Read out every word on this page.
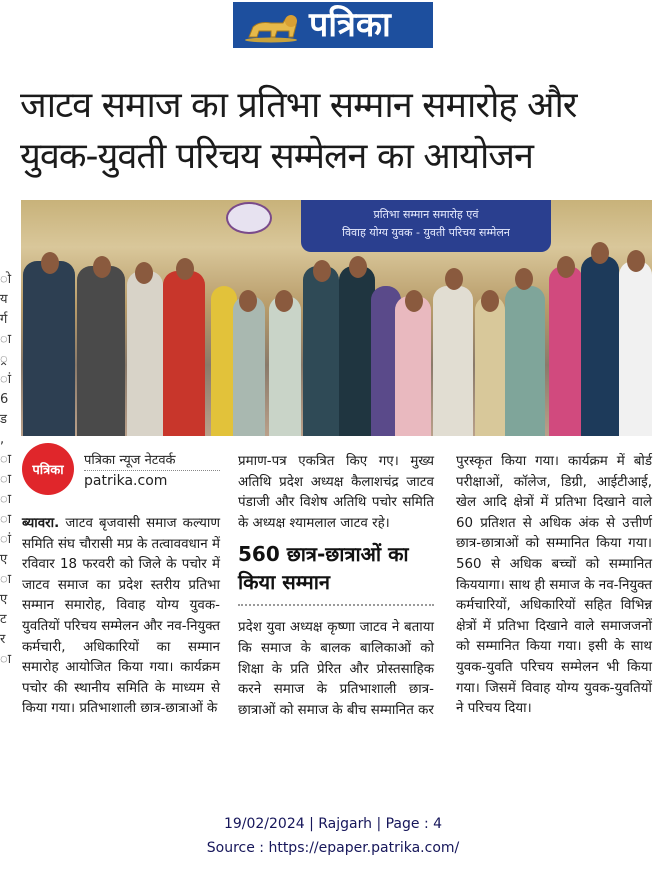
पत्रिका
जाटव समाज का प्रतिभा सम्मान समारोह और
युवक-युवती परिचय सम्मेलन का आयोजन
प्रतिभा सम्मान समारोह एवं
विवाह योग्य युवक - युवती परिचय सम्मेलन
ो य र्ग ा ्र ां 6 ड , ा ा ा ा ां ए ा ए ट र ा
पत्रिका
पत्रिका न्यूज नेटवर्क
patrika.com

ब्यावरा. जाटव बृजवासी समाज कल्याण समिति संघ चौरासी मप्र के तत्वाववधान में रविवार 18 फरवरी को जिले के पचोर में जाटव समाज का प्रदेश स्तरीय प्रतिभा सम्मान समारोह, विवाह योग्य युवक-युवतियों परिचय सम्मेलन और नव-नियुक्त कर्मचारी, अधिकारियों का सम्मान समारोह आयोजित किया गया। कार्यक्रम पचोर की स्थानीय समिति के माध्यम से किया गया। प्रतिभाशाली छात्र-छात्राओं के

प्रमाण-पत्र एकत्रित किए गए। मुख्य अतिथि प्रदेश अध्यक्ष कैलाशचंद्र जाटव पंडाजी और विशेष अतिथि पचोर समिति के अध्यक्ष श्यामलाल जाटव रहे।

560 छात्र-छात्राओं का किया सम्मान

प्रदेश युवा अध्यक्ष कृष्णा जाटव ने बताया कि समाज के बालक बालिकाओं को शिक्षा के प्रति प्रेरित और प्रोस्तसाहिक करने समाज के प्रतिभाशाली छात्र-छात्राओं को समाज के बीच सम्मानित कर

पुरस्कृत किया गया। कार्यक्रम में बोर्ड परीक्षाओं, कॉलेज, डिग्री, आईटीआई, खेल आदि क्षेत्रों में प्रतिभा दिखाने वाले 60 प्रतिशत से अधिक अंक से उत्तीर्ण छात्र-छात्राओं को सम्मानित किया गया। 560 से अधिक बच्चों को सम्मानित किययागा। साथ ही समाज के नव-नियुक्त कर्मचारियों, अधिकारियों सहित विभिन्न क्षेत्रों में प्रतिभा दिखाने वाले समाजजनों को सम्मानित किया गया। इसी के साथ युवक-युवति परिचय सम्मेलन भी किया गया। जिसमें विवाह योग्य युवक-युवतियों ने परिचय दिया।

19/02/2024 | Rajgarh | Page : 4
Source : https://epaper.patrika.com/
